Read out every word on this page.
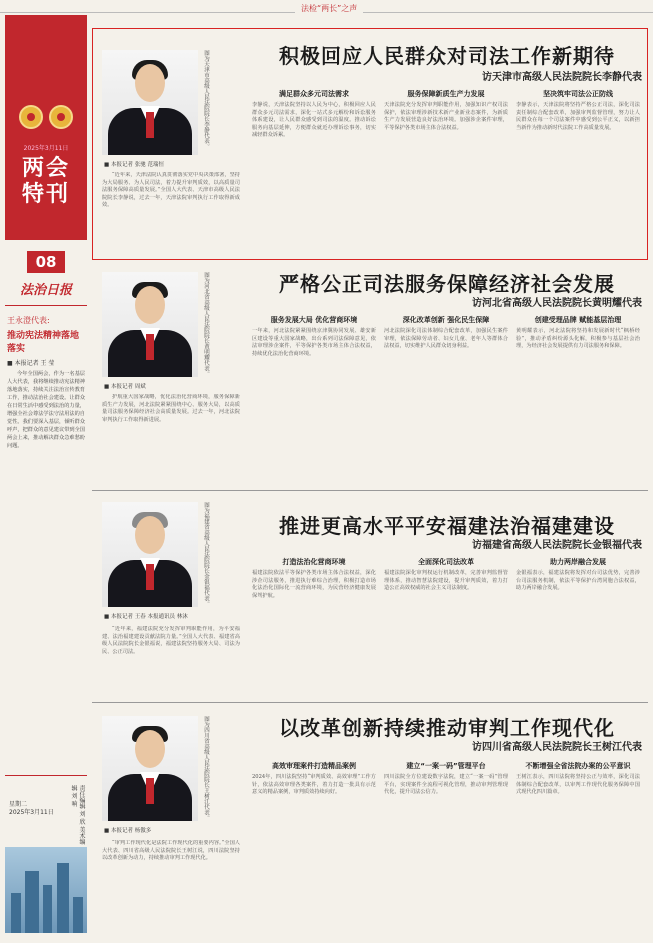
法检“两长”之声
2025年3月11日
两会特刊
08
法治日报
王永澄代表:
推动宪法精神落地落实
■ 本报记者 王 莹
今年全国两会，作为一名基层人大代表，我将继续推动宪法精神落地落实，持续关注法治宣传教育工作，推动法治社会建设。让群众在日常生活中感受到法治的力量，增强全社会尊法学法守法用法的自觉性。我们要深入基层，倾听群众呼声，把群众的意见建议带到全国两会上来，推动解决群众急难愁盼问题。
星期二
2025年3月11日	责任编辑 刘 欣 美术编辑 刘 响
图为天津市高级人民法院院长李静代表。
■ 本报记者 张驰 范瑞恒
“近年来，天津法院认真贯彻落实党中央决策部署，坚持为大局服务、为人民司法，着力提升审判质效，以高质量司法服务保障高质量发展。”全国人大代表、天津市高级人民法院院长李静说，过去一年，天津法院审判执行工作取得新成效。
积极回应人民群众对司法工作新期待
访天津市高级人民法院院长李静代表
满足群众多元司法需求
李静说，天津法院坚持以人民为中心，积极回应人民群众多元司法需求，深化一站式多元解纷和诉讼服务体系建设，让人民群众感受到司法的温度。推动诉讼服务向基层延伸，方便群众就近办理诉讼事务，切实减轻群众诉累。
服务保障新质生产力发展
天津法院充分发挥审判职能作用，加强知识产权司法保护，依法审理涉新技术新产业新业态案件，为新质生产力发展营造良好法治环境。加强涉企案件审理，平等保护各类市场主体合法权益。
坚决筑牢司法公正防线
李静表示，天津法院将坚持严格公正司法，深化司法责任制综合配套改革，加强审判监督管理，努力让人民群众在每一个司法案件中感受到公平正义，以新担当新作为推动新时代法院工作高质量发展。
图为河北省高级人民法院院长黄明耀代表。
■ 本报记者 周斌
护航重大国家战略，优化法治化营商环境，服务保障新质生产力发展，河北法院紧紧围绕中心、服务大局，以高质量司法服务保障经济社会高质量发展。过去一年，河北法院审判执行工作取得新进展。
严格公正司法服务保障经济社会发展
访河北省高级人民法院院长黄明耀代表
服务发展大局 优化营商环境
一年来，河北法院紧紧围绕京津冀协同发展、雄安新区建设等重大国家战略，出台系列司法保障意见，依法审理涉企案件，平等保护各类市场主体合法权益，持续优化法治化营商环境。
深化改革创新 强化民生保障
河北法院深化司法体制综合配套改革，加强民生案件审理，依法保障劳动者、妇女儿童、老年人等群体合法权益，切实维护人民群众切身利益。
创建受理品牌 赋能基层治理
黄明耀表示，河北法院将坚持和发展新时代“枫桥经验”，推动矛盾纠纷源头化解，积极参与基层社会治理，为经济社会发展提供有力司法服务和保障。
图为福建省高级人民法院院长金银福代表。
■ 本报记者 王春 本报通讯员 林沐
“近年来，福建法院充分发挥审判职能作用，为平安福建、法治福建建设贡献法院力量。”全国人大代表、福建省高级人民法院院长金银福说，福建法院坚持服务大局、司法为民、公正司法。
推进更高水平平安福建法治福建建设
访福建省高级人民法院院长金银福代表
打造法治化营商环境
福建法院依法平等保护各类市场主体合法权益，深化涉企司法服务，推进执行难综合治理，积极打造市场化法治化国际化一流营商环境，为民营经济健康发展保驾护航。
全面深化司法改革
福建法院深化审判权运行机制改革，完善审判监督管理体系，推动智慧法院建设，提升审判质效，着力打造公正高效权威的社会主义司法制度。
助力两岸融合发展
金银福表示，福建法院将发挥对台司法优势，完善涉台司法服务机制，依法平等保护台湾同胞合法权益，助力两岸融合发展。
图为四川省高级人民法院院长王树江代表。
■ 本报记者 杨傲多
“审判工作现代化是法院工作现代化的重要内容。”全国人大代表、四川省高级人民法院院长王树江说，四川法院坚持以改革创新为动力，持续推动审判工作现代化。
以改革创新持续推动审判工作现代化
访四川省高级人民法院院长王树江代表
高效审理案件打造精品案例
2024年，四川法院坚持“审判质效、高效审理”工作方针，依法高效审理各类案件，着力打造一批具有示范意义的精品案例，审判质效持续向好。
建立“一案一码”管理平台
四川法院全方位建设数字法院，建立“一案一码”管理平台，实现案件全流程可视化管理，推动审判管理现代化，提升司法公信力。
不断增强全省法院办案的公平意识
王树江表示，四川法院将坚持公正与效率，深化司法体制综合配套改革，以审判工作现代化服务保障中国式现代化四川篇章。
